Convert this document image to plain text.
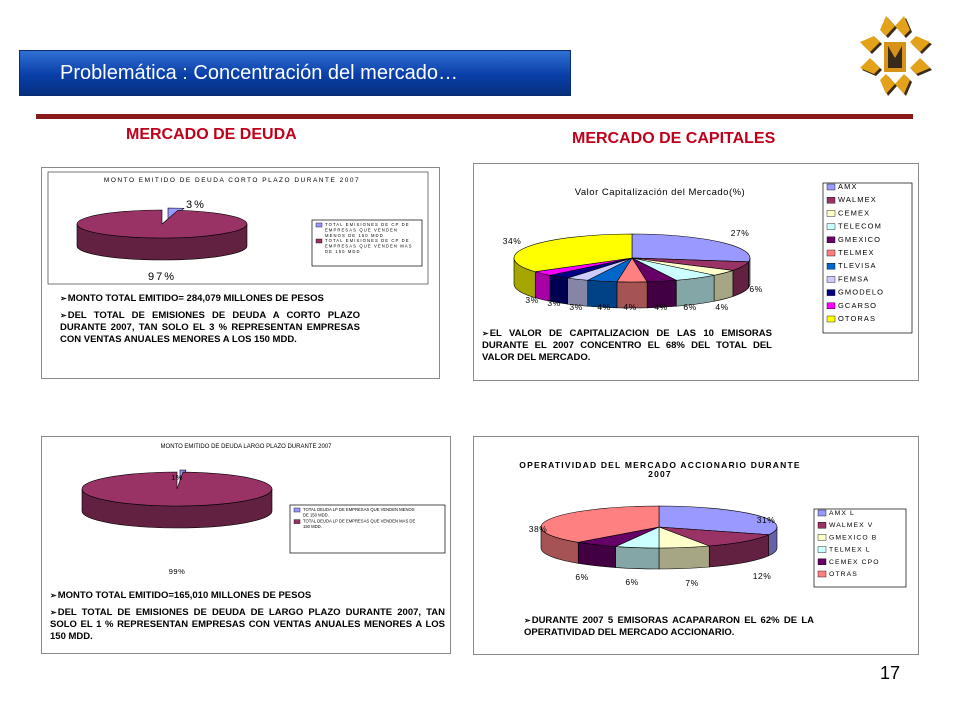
Problemática : Concentración del mercado…
MERCADO DE DEUDA	MERCADO DE CAPITALES
MONTO EMITIDO DE DEUDA CORTO PLAZO DURANTE 2007
3%
97%
TOTAL EMISIONES DE CP DE EMPRESAS QUE VENDEN MENOS DE 150 MDD
TOTAL EMISIONES DE CP DE EMPRESAS QUE VENDEN MAS DE 150 MDD

➢MONTO TOTAL EMITIDO= 284,079 MILLONES DE PESOS

➢DEL TOTAL DE EMISIONES DE DEUDA A CORTO PLAZO DURANTE 2007, TAN SOLO EL 3 % REPRESENTAN EMPRESAS CON VENTAS ANUALES MENORES A LOS 150 MDD.

Valor Capitalización del Mercado(%)
27%
6%
4%
6%
4%
4%
4%
3%
3%
3%
34%
AMX
WALMEX
CEMEX
TELECOM
GMEXICO
TELMEX
TLEVISA
FEMSA
GMODELO
GCARSO
OTORAS

➢EL VALOR DE CAPITALIZACION DE LAS 10 EMISORAS DURANTE EL 2007 CONCENTRO EL 68% DEL TOTAL DEL VALOR DEL MERCADO.

MONTO EMITIDO DE DEUDA LARGO PLAZO DURANTE 2007
1%
99%
TOTAL DEUDA LP DE EMPRESAS QUE VENDEN MENOS DE 150 MDD.
TOTAL DEUDA LP DE EMPRESAS QUE VENDEN MAS DE 150 MDD.

➢MONTO TOTAL EMITIDO=165,010 MILLONES DE PESOS

➢DEL TOTAL DE EMISIONES DE DEUDA DE LARGO PLAZO DURANTE 2007, TAN SOLO EL 1 % REPRESENTAN EMPRESAS CON VENTAS ANUALES MENORES A LOS 150 MDD.

OPERATIVIDAD DEL MERCADO ACCIONARIO DURANTE 2007
31%
12%
7%
6%
6%
38%
AMX L
WALMEX V
GMEXICO B
TELMEX L
CEMEX CPO
OTRAS

➢DURANTE 2007 5 EMISORAS ACAPARARON EL 62% DE LA OPERATIVIDAD DEL MERCADO ACCIONARIO.

17
